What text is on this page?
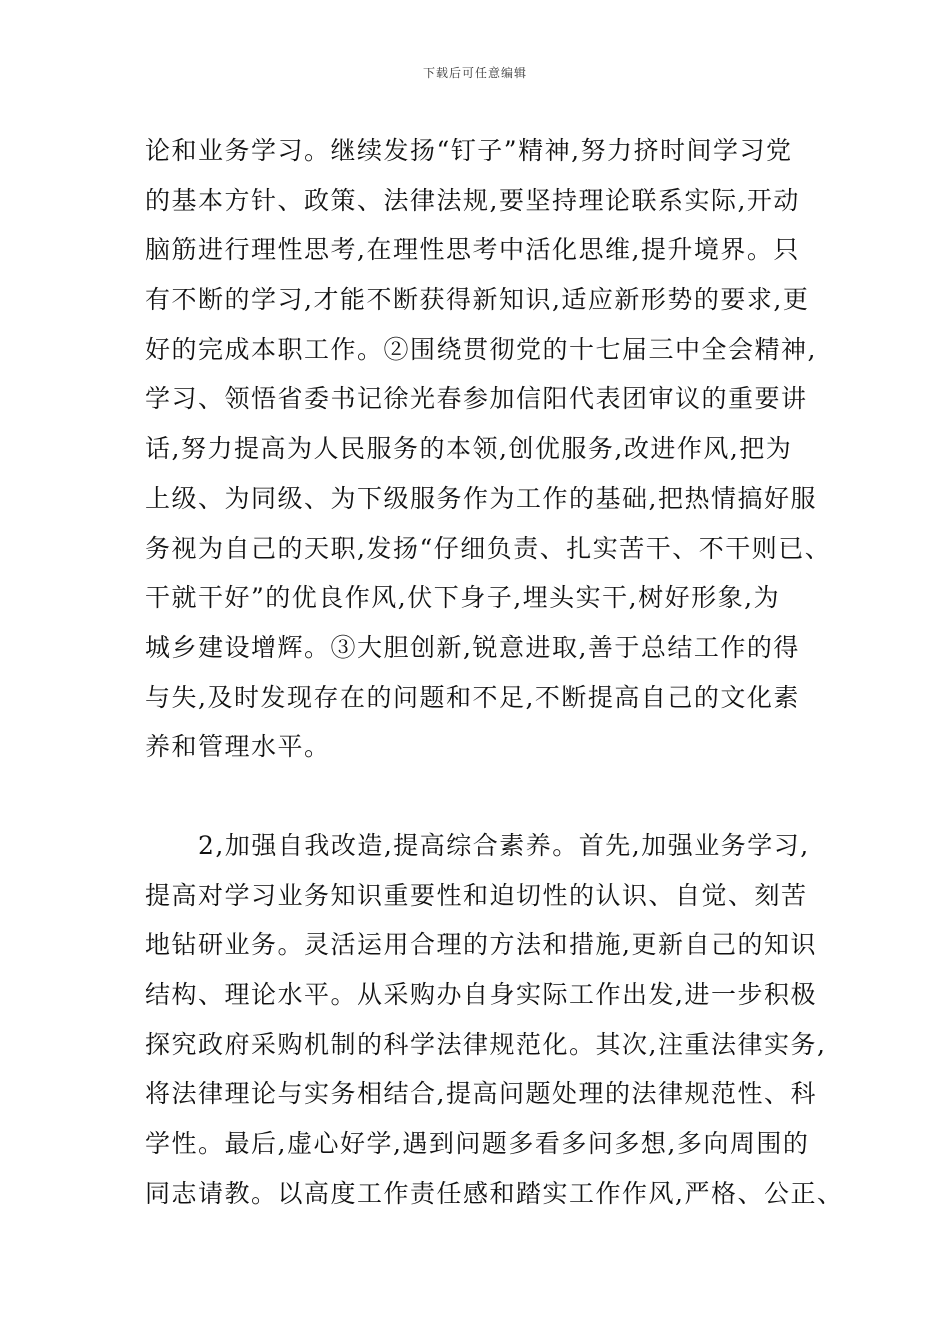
下载后可任意编辑
论和业务学习。继续发扬“钉子”精神,努力挤时间学习党
的基本方针、政策、法律法规,要坚持理论联系实际,开动
脑筋进行理性思考,在理性思考中活化思维,提升境界。只
有不断的学习,才能不断获得新知识,适应新形势的要求,更
好的完成本职工作。②围绕贯彻党的十七届三中全会精神,
学习、领悟省委书记徐光春参加信阳代表团审议的重要讲
话,努力提高为人民服务的本领,创优服务,改进作风,把为
上级、为同级、为下级服务作为工作的基础,把热情搞好服
务视为自己的天职,发扬“仔细负责、扎实苦干、不干则已、
干就干好”的优良作风,伏下身子,埋头实干,树好形象,为
城乡建设增辉。③大胆创新,锐意进取,善于总结工作的得
与失,及时发现存在的问题和不足,不断提高自己的文化素
养和管理水平。
　　2,加强自我改造,提高综合素养。首先,加强业务学习,
提高对学习业务知识重要性和迫切性的认识、自觉、刻苦
地钻研业务。灵活运用合理的方法和措施,更新自己的知识
结构、理论水平。从采购办自身实际工作出发,进一步积极
探究政府采购机制的科学法律规范化。其次,注重法律实务,
将法律理论与实务相结合,提高问题处理的法律规范性、科
学性。最后,虚心好学,遇到问题多看多问多想,多向周围的
同志请教。以高度工作责任感和踏实工作作风,严格、公正、
